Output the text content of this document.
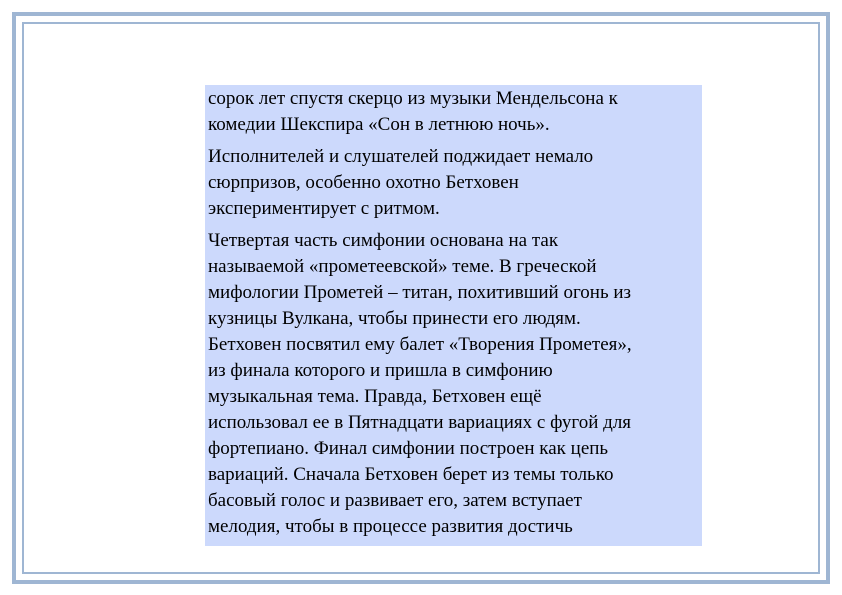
сорок лет спустя скерцо из музыки Мендельсона к
комедии Шекспира «Сон в летнюю ночь».

Исполнителей и слушателей поджидает немало
сюрпризов, особенно охотно Бетховен
экспериментирует с ритмом.

Четвертая часть симфонии основана на так
называемой «прометеевской» теме. В греческой
мифологии Прометей – титан, похитивший огонь из
кузницы Вулкана, чтобы принести его людям.
Бетховен посвятил ему балет «Творения Прометея»,
из финала которого и пришла в симфонию
музыкальная тема. Правда, Бетховен ещё
использовал ее в Пятнадцати вариациях с фугой для
фортепиано. Финал симфонии построен как цепь
вариаций. Сначала Бетховен берет из темы только
басовый голос и развивает его, затем вступает
мелодия, чтобы в процессе развития достичь
